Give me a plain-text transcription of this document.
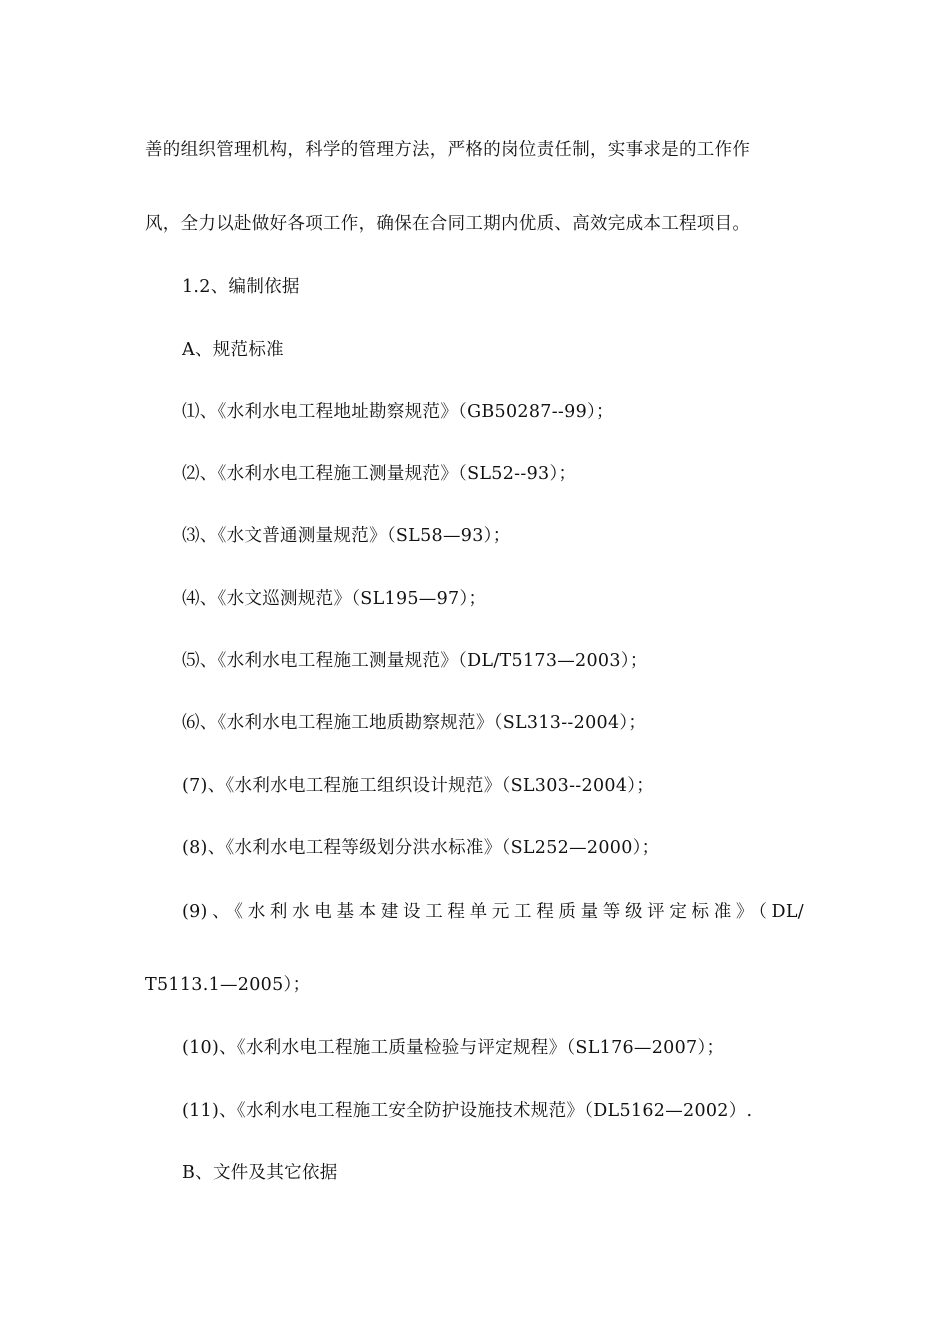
善的组织管理机构，科学的管理方法，严格的岗位责任制，实事求是的工作作
风，全力以赴做好各项工作，确保在合同工期内优质、高效完成本工程项目。
1.2、编制依据
A、规范标准
⑴、《水利水电工程地址勘察规范》（GB50287--99）；
⑵、《水利水电工程施工测量规范》（SL52--93）；
⑶、《水文普通测量规范》（SL58—93）；
⑷、《水文巡测规范》（SL195—97）；
⑸、《水利水电工程施工测量规范》（DL/T5173—2003）；
⑹、《水利水电工程施工地质勘察规范》（SL313--2004）；
(7)、《水利水电工程施工组织设计规范》（SL303--2004）；
(8)、《水利水电工程等级划分洪水标准》（SL252—2000）；
(9)、《水利水电基本建设工程单元工程质量等级评定标准》（DL/
T5113.1—2005）；
(10)、《水利水电工程施工质量检验与评定规程》（SL176—2007）；
(11)、《水利水电工程施工安全防护设施技术规范》（DL5162—2002）.
B、文件及其它依据
